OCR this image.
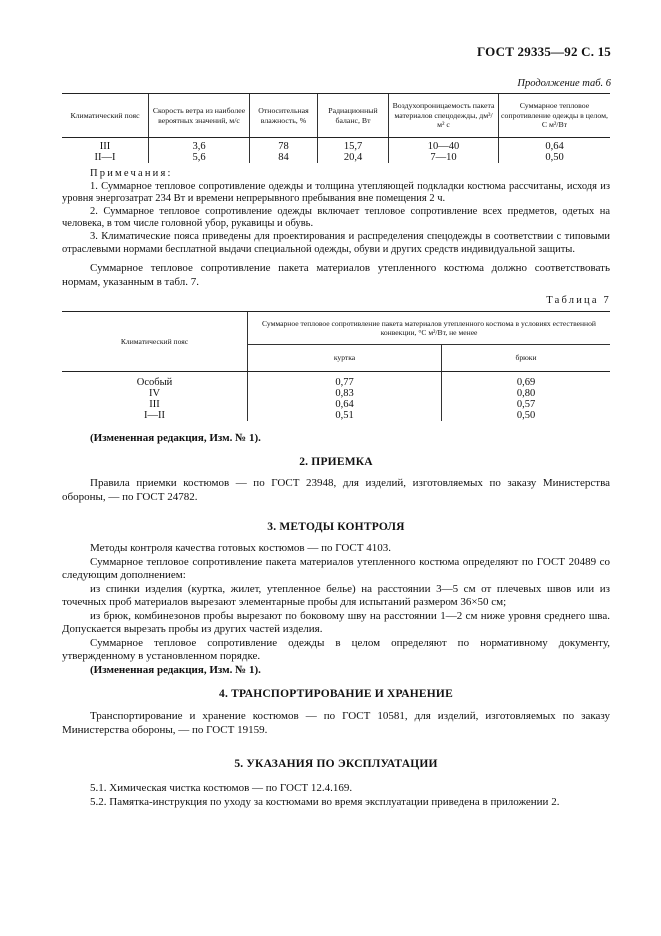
ГОСТ 29335—92 С. 15
Продолжение таб. 6
Климатический пояс	Скорость ветра из наиболее вероятных значений, м/с	Относительная влажность, %	Радиационный баланс, Вт	Воздухопроницаемость пакета материалов спецодежды, дм³/м² с	Суммарное тепловое сопротивление одежды в целом, С м²/Вт
III	3,6	78	15,7	10—40	0,64
II—I	5,6	84	20,4	7—10	0,50

Примечания:

1. Суммарное тепловое сопротивление одежды и толщина утепляющей подкладки костюма рассчитаны, исходя из уровня энергозатрат 234 Вт и времени непрерывного пребывания вне помещения 2 ч.

2. Суммарное тепловое сопротивление одежды включает тепловое сопротивление всех предметов, одетых на человека, в том числе головной убор, рукавицы и обувь.

3. Климатические пояса приведены для проектирования и распределения спецодежды в соответствии с типовыми отраслевыми нормами бесплатной выдачи специальной одежды, обуви и других средств индивидуальной защиты.

Суммарное тепловое сопротивление пакета материалов утепленного костюма должно соответствовать нормам, указанным в табл. 7.

Таблица 7
Климатический пояс	Суммарное тепловое сопротивление пакета материалов утепленного костюма в условиях естественной конвекции, °С м²/Вт, не менее	
	куртка	брюки
Особый	0,77	0,69
IV	0,83	0,80
III	0,64	0,57
I—II	0,51	0,50

(Измененная редакция, Изм. № 1).

2. ПРИЕМКА

Правила приемки костюмов — по ГОСТ 23948, для изделий, изготовляемых по заказу Министерства обороны, — по ГОСТ 24782.

3. МЕТОДЫ КОНТРОЛЯ

Методы контроля качества готовых костюмов — по ГОСТ 4103.

Суммарное тепловое сопротивление пакета материалов утепленного костюма определяют по ГОСТ 20489 со следующим дополнением:

из спинки изделия (куртка, жилет, утепленное белье) на расстоянии 3—5 см от плечевых швов или из точечных проб материалов вырезают элементарные пробы для испытаний размером 36×50 см;

из брюк, комбинезонов пробы вырезают по боковому шву на расстоянии 1—2 см ниже уровня среднего шва. Допускается вырезать пробы из других частей изделия.

Суммарное тепловое сопротивление одежды в целом определяют по нормативному документу, утвержденному в установленном порядке.

(Измененная редакция, Изм. № 1).

4. ТРАНСПОРТИРОВАНИЕ И ХРАНЕНИЕ

Транспортирование и хранение костюмов — по ГОСТ 10581, для изделий, изготовляемых по заказу Министерства обороны, — по ГОСТ 19159.

5. УКАЗАНИЯ ПО ЭКСПЛУАТАЦИИ

5.1. Химическая чистка костюмов — по ГОСТ 12.4.169.

5.2. Памятка-инструкция по уходу за костюмами во время эксплуатации приведена в приложении 2.
